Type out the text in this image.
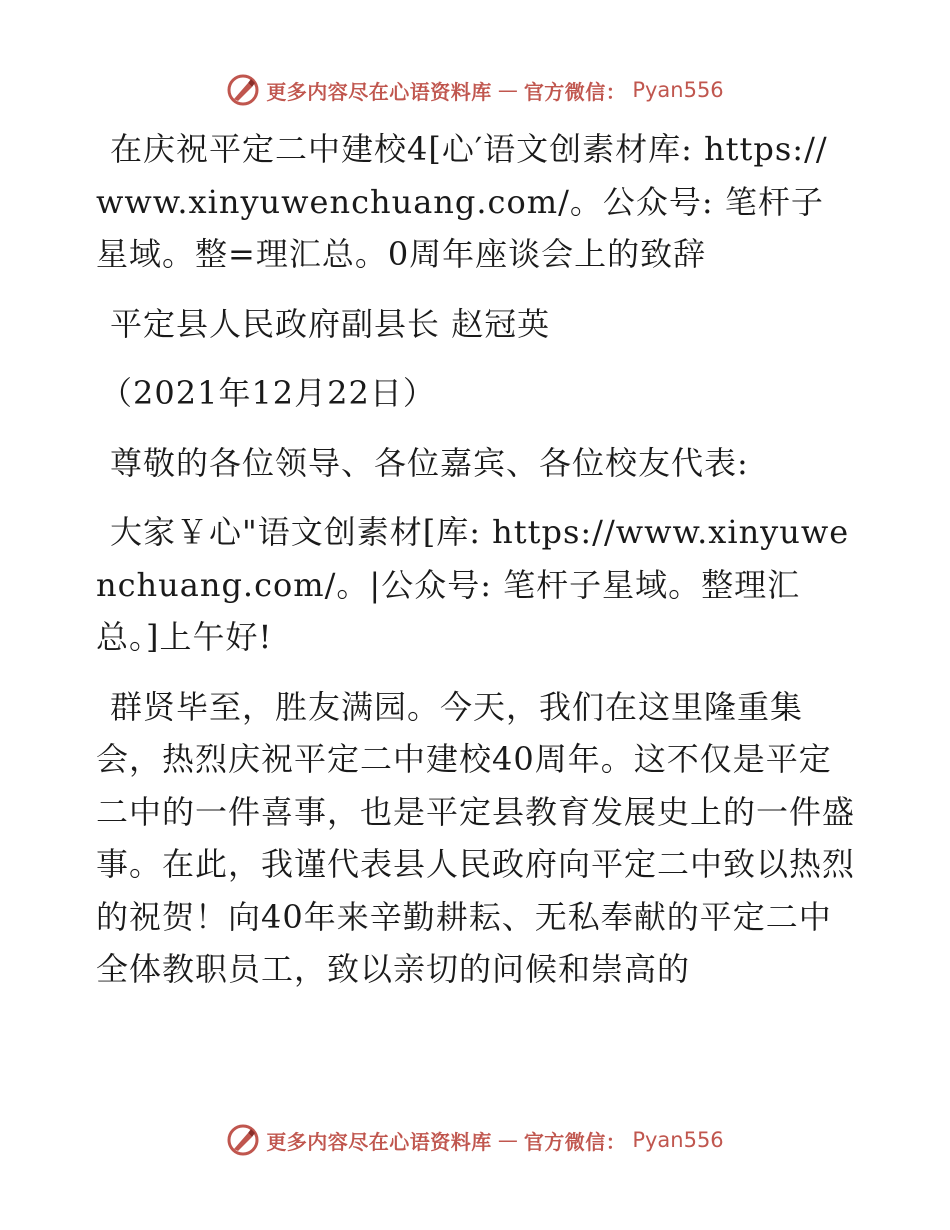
更多内容尽在心语资料库 — 官方微信： Pyan556

在庆祝平定二中建校4[心′语文创素材库: https://www.xinyuwenchuang.com/。公众号: 笔杆子星域。整=理汇总。0周年座谈会上的致辞

平定县人民政府副县长 赵冠英

（2021年12月22日）

尊敬的各位领导、各位嘉宾、各位校友代表:

大家￥心"语文创素材[库: https://www.xinyuwenchuang.com/。|公众号: 笔杆子星域。整理汇总。]上午好!

群贤毕至，胜友满园。今天，我们在这里隆重集会，热烈庆祝平定二中建校40周年。这不仅是平定二中的一件喜事，也是平定县教育发展史上的一件盛事。在此，我谨代表县人民政府向平定二中致以热烈的祝贺！向40年来辛勤耕耘、无私奉献的平定二中全体教职员工，致以亲切的问候和崇高的

更多内容尽在心语资料库 — 官方微信： Pyan556
